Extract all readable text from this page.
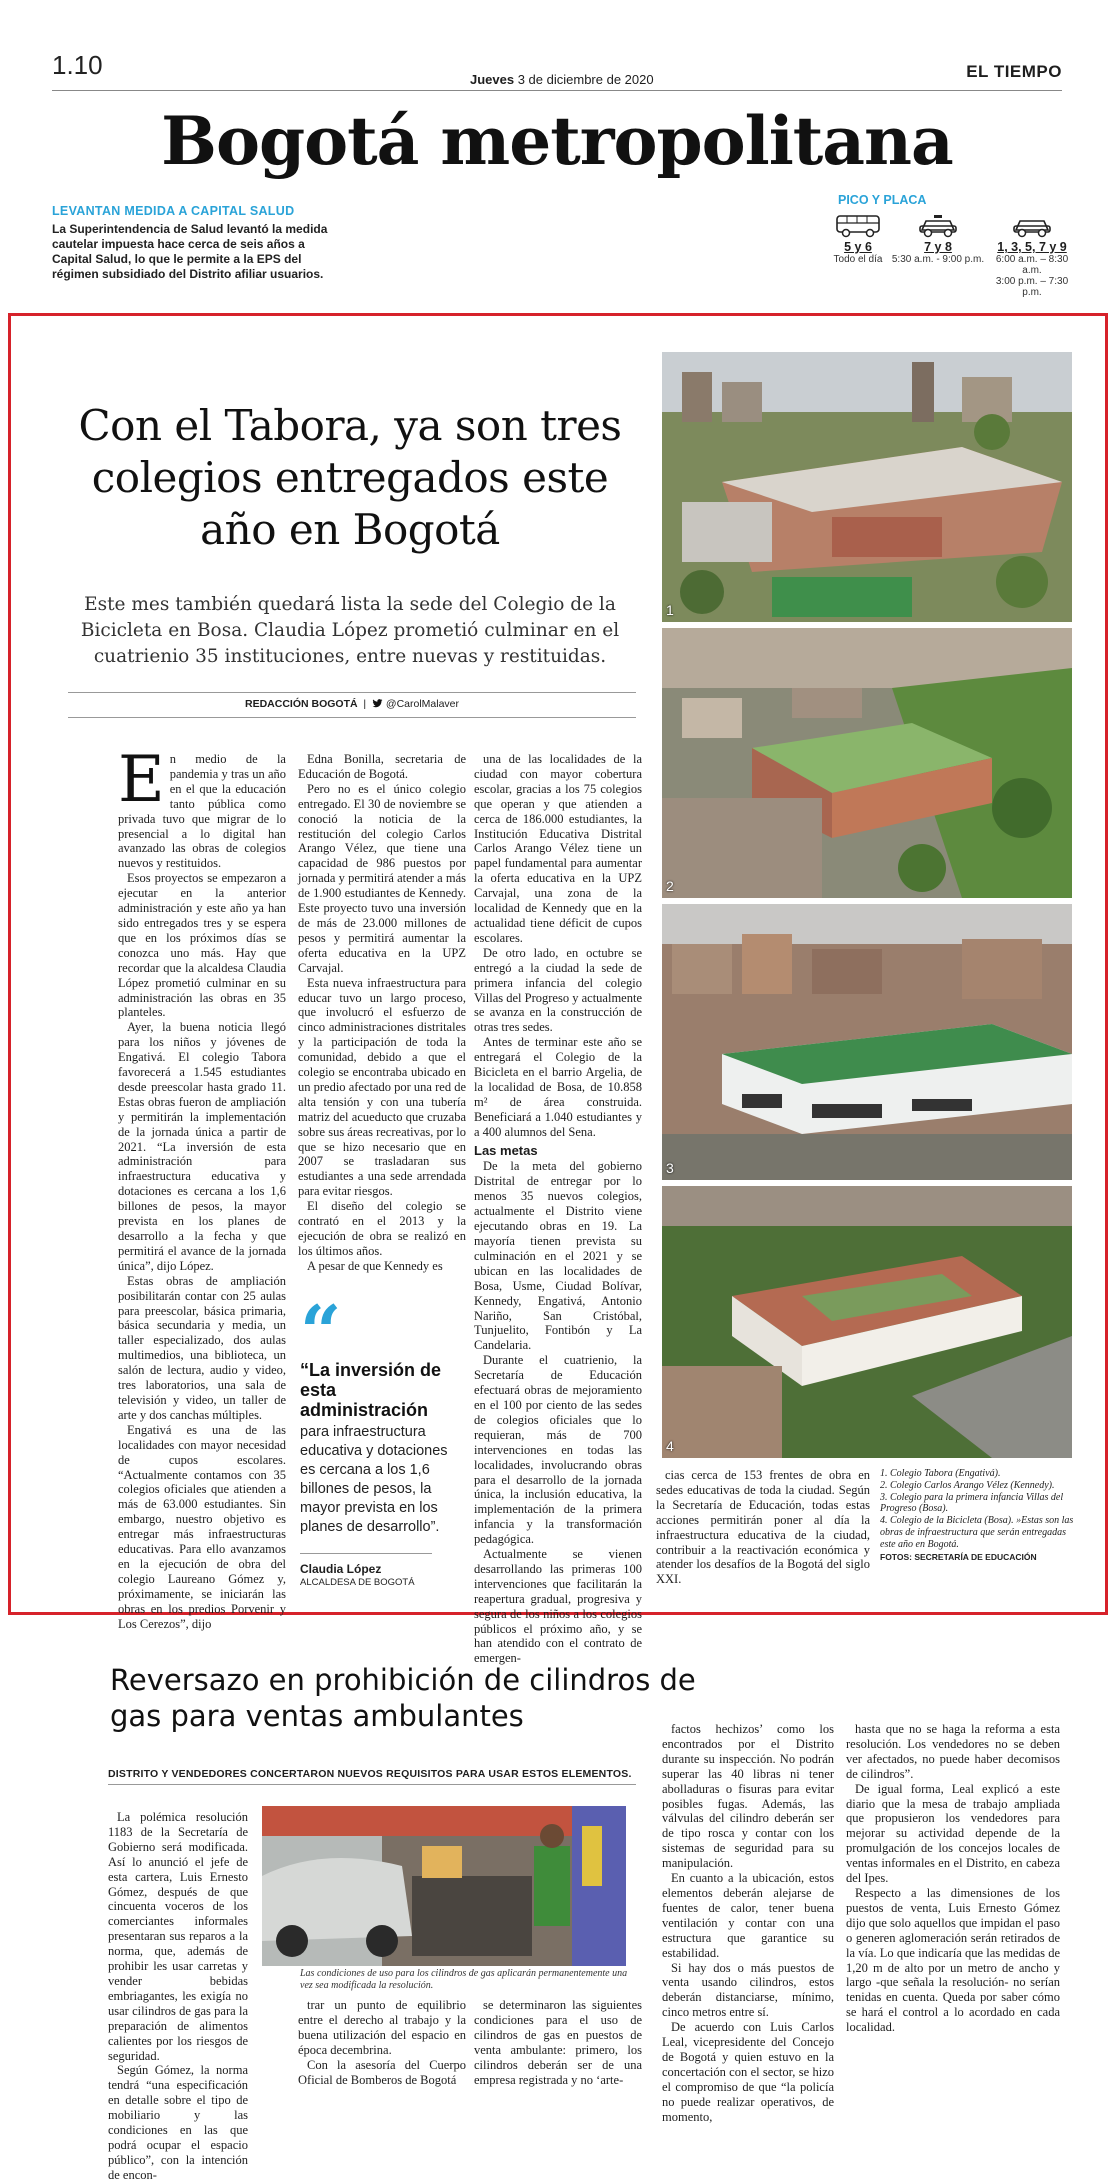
1.10	Jueves 3 de diciembre de 2020	EL TIEMPO
Bogotá metropolitana
LEVANTAN MEDIDA A CAPITAL SALUD
La Superintendencia de Salud levantó la medida cautelar impuesta hace cerca de seis años a Capital Salud, lo que le permite a la EPS del régimen subsidiado del Distrito afiliar usuarios.
PICO Y PLACA
5 y 6
Todo el día
7 y 8
5:30 a.m. - 9:00 p.m.
1, 3, 5, 7 y 9
6:00 a.m. – 8:30 a.m.
3:00 p.m. – 7:30 p.m.
Con el Tabora, ya son tres colegios entregados este año en Bogotá

Este mes también quedará lista la sede del Colegio de la Bicicleta en Bosa. Claudia López prometió culminar en el cuatrienio 35 instituciones, entre nuevas y restituidas.

REDACCIÓN BOGOTÁ  |   @CarolMalaver

En medio de la pandemia y tras un año en el que la educación tanto pública como privada tuvo que migrar de lo presencial a lo digital han avanzado las obras de colegios nuevos y restituidos.

Esos proyectos se empezaron a ejecutar en la anterior administración y este año ya han sido entregados tres y se espera que en los próximos días se conozca uno más. Hay que recordar que la alcaldesa Claudia López prometió culminar en su administración las obras en 35 planteles.

Ayer, la buena noticia llegó para los niños y jóvenes de Engativá. El colegio Tabora favorecerá a 1.545 estudiantes desde preescolar hasta grado 11. Estas obras fueron de ampliación y permitirán la implementación de la jornada única a partir de 2021. “La inversión de esta administración para infraestructura educativa y dotaciones es cercana a los 1,6 billones de pesos, la mayor prevista en los planes de desarrollo a la fecha y que permitirá el avance de la jornada única”, dijo López.

Estas obras de ampliación posibilitarán contar con 25 aulas para preescolar, básica primaria, básica secundaria y media, un taller especializado, dos aulas multimedios, una biblioteca, un salón de lectura, audio y video, tres laboratorios, una sala de televisión y video, un taller de arte y dos canchas múltiples.

Engativá es una de las localidades con mayor necesidad de cupos escolares. “Actualmente contamos con 35 colegios oficiales que atienden a más de 63.000 estudiantes. Sin embargo, nuestro objetivo es entregar más infraestructuras educativas. Para ello avanzamos en la ejecución de obra del colegio Laureano Gómez y, próximamente, se iniciarán las obras en los predios Porvenir y Los Cerezos”, dijo

Edna Bonilla, secretaria de Educación de Bogotá.

Pero no es el único colegio entregado. El 30 de noviembre se conoció la noticia de la restitución del colegio Carlos Arango Vélez, que tiene una capacidad de 986 puestos por jornada y permitirá atender a más de 1.900 estudiantes de Kennedy. Este proyecto tuvo una inversión de más de 23.000 millones de pesos y permitirá aumentar la oferta educativa en la UPZ Carvajal.

Esta nueva infraestructura para educar tuvo un largo proceso, que involucró el esfuerzo de cinco administraciones distritales y la participación de toda la comunidad, debido a que el colegio se encontraba ubicado en un predio afectado por una red de alta tensión y con una tubería matriz del acueducto que cruzaba sobre sus áreas recreativas, por lo que se hizo necesario que en 2007 se trasladaran sus estudiantes a una sede arrendada para evitar riesgos.

El diseño del colegio se contrató en el 2013 y la ejecución de obra se realizó en los últimos años.

A pesar de que Kennedy es

“
“La inversión de esta administración
para infraestructura educativa y dotaciones es cercana a los 1,6 billones de pesos, la mayor prevista en los planes de desarrollo”.
Claudia López
ALCALDESA DE BOGOTÁ

una de las localidades de la ciudad con mayor cobertura escolar, gracias a los 75 colegios que operan y que atienden a cerca de 186.000 estudiantes, la Institución Educativa Distrital Carlos Arango Vélez tiene un papel fundamental para aumentar la oferta educativa en la UPZ Carvajal, una zona de la localidad de Kennedy que en la actualidad tiene déficit de cupos escolares.

De otro lado, en octubre se entregó a la ciudad la sede de primera infancia del colegio Villas del Progreso y actualmente se avanza en la construcción de otras tres sedes.

Antes de terminar este año se entregará el Colegio de la Bicicleta en el barrio Argelia, de la localidad de Bosa, de 10.858 m² de área construida. Beneficiará a 1.040 estudiantes y a 400 alumnos del Sena.

Las metas

De la meta del gobierno Distrital de entregar por lo menos 35 nuevos colegios, actualmente el Distrito viene ejecutando obras en 19. La mayoría tienen prevista su culminación en el 2021 y se ubican en las localidades de Bosa, Usme, Ciudad Bolívar, Kennedy, Engativá, Antonio Nariño, San Cristóbal, Tunjuelito, Fontibón y La Candelaria.

Durante el cuatrienio, la Secretaría de Educación efectuará obras de mejoramiento en el 100 por ciento de las sedes de colegios oficiales que lo requieran, más de 700 intervenciones en todas las localidades, involucrando obras para el desarrollo de la jornada única, la inclusión educativa, la implementación de la primera infancia y la transformación pedagógica.

Actualmente se vienen desarrollando las primeras 100 intervenciones que facilitarán la reapertura gradual, progresiva y segura de los niños a los colegios públicos el próximo año, y se han atendido con el contrato de emergen-

1
2
3
4
1. Colegio Tabora (Engativá).
2. Colegio Carlos Arango Vélez (Kennedy).
3. Colegio para la primera infancia Villas del Progreso (Bosa).
4. Colegio de la Bicicleta (Bosa). »Estas son las obras de infraestructura que serán entregadas este año en Bogotá.
FOTOS: SECRETARÍA DE EDUCACIÓN

cias cerca de 153 frentes de obra en sedes educativas de toda la ciudad. Según la Secretaría de Educación, todas estas acciones permitirán poner al día la infraestructura educativa de la ciudad, contribuir a la reactivación económica y atender los desafíos de la Bogotá del siglo XXI.

Reversazo en prohibición de cilindros de gas para ventas ambulantes
DISTRITO Y VENDEDORES CONCERTARON NUEVOS REQUISITOS PARA USAR ESTOS ELEMENTOS.

La polémica resolución 1183 de la Secretaría de Gobierno será modificada. Así lo anunció el jefe de esta cartera, Luis Ernesto Gómez, después de que cincuenta voceros de los comerciantes informales presentaran sus reparos a la norma, que, además de prohibir les usar carretas y vender bebidas embriagantes, les exigía no usar cilindros de gas para la preparación de alimentos calientes por los riesgos de seguridad.

Según Gómez, la norma tendrá “una especificación en detalle sobre el tipo de mobiliario y las condiciones en las que podrá ocupar el espacio público”, con la intención de encon-

Las condiciones de uso para los cilindros de gas aplicarán permanentemente una vez sea modificada la resolución.

trar un punto de equilibrio entre el derecho al trabajo y la buena utilización del espacio en época decembrina.

Con la asesoría del Cuerpo Oficial de Bomberos de Bogotá

se determinaron las siguientes condiciones para el uso de cilindros de gas en puestos de venta ambulante: primero, los cilindros deberán ser de una empresa registrada y no ‘arte-

factos hechizos’ como los encontrados por el Distrito durante su inspección. No podrán superar las 40 libras ni tener abolladuras o fisuras para evitar posibles fugas. Además, las válvulas del cilindro deberán ser de tipo rosca y contar con los sistemas de seguridad para su manipulación.

En cuanto a la ubicación, estos elementos deberán alejarse de fuentes de calor, tener buena ventilación y contar con una estructura que garantice su estabilidad.

Si hay dos o más puestos de venta usando cilindros, estos deberán distanciarse, mínimo, cinco metros entre sí.

De acuerdo con Luis Carlos Leal, vicepresidente del Concejo de Bogotá y quien estuvo en la concertación con el sector, se hizo el compromiso de que “la policía no puede realizar operativos, de momento,

hasta que no se haga la reforma a esta resolución. Los vendedores no se deben ver afectados, no puede haber decomisos de cilindros”.

De igual forma, Leal explicó a este diario que la mesa de trabajo ampliada que propusieron los vendedores para mejorar su actividad depende de la promulgación de los concejos locales de ventas informales en el Distrito, en cabeza del Ipes.

Respecto a las dimensiones de los puestos de venta, Luis Ernesto Gómez dijo que solo aquellos que impidan el paso o generen aglomeración serán retirados de la vía. Lo que indicaría que las medidas de 1,20 m de alto por un metro de ancho y largo -que señala la resolución- no serían tenidas en cuenta. Queda por saber cómo se hará el control a lo acordado en cada localidad.
